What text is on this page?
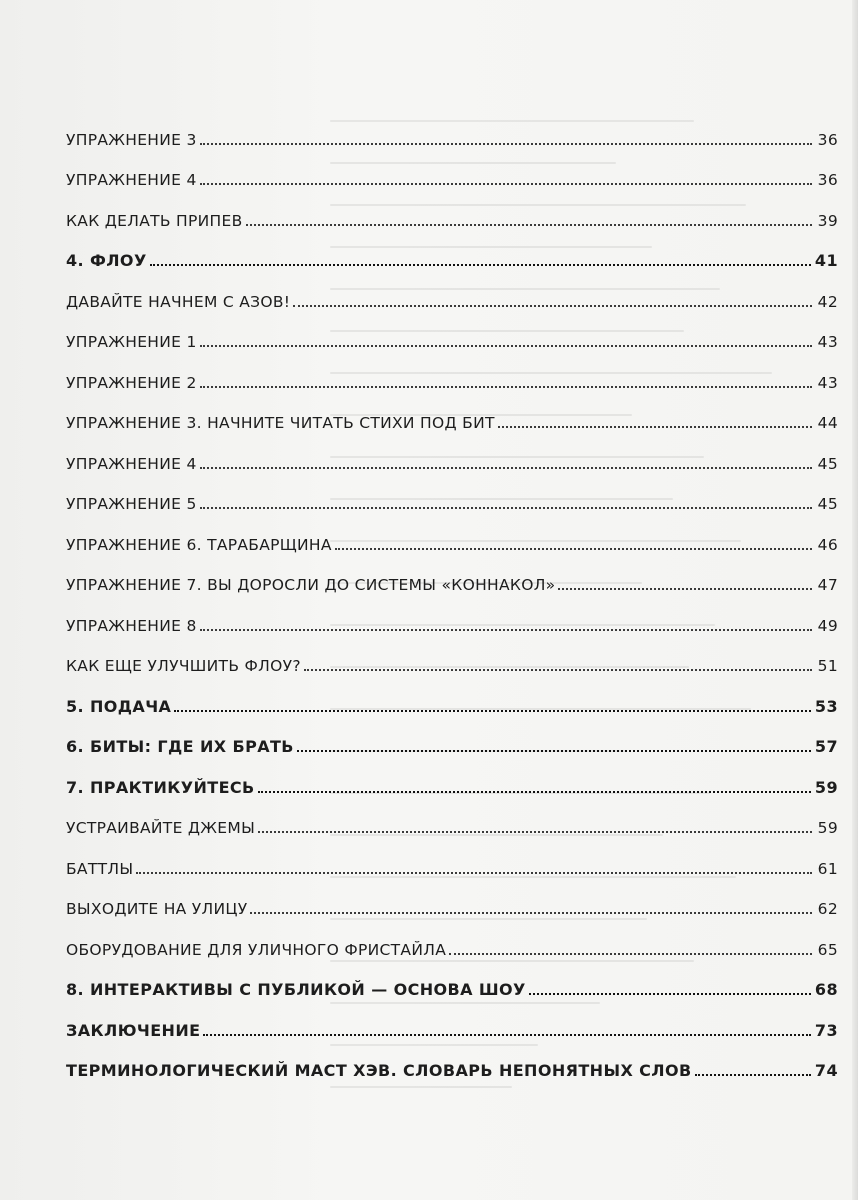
УПРАЖНЕНИЕ 3	36
УПРАЖНЕНИЕ 4	36
КАК ДЕЛАТЬ ПРИПЕВ	39
4. ФЛОУ	41
ДАВАЙТЕ НАЧНЕМ С АЗОВ!	42
УПРАЖНЕНИЕ 1	43
УПРАЖНЕНИЕ 2	43
УПРАЖНЕНИЕ 3. НАЧНИТЕ ЧИТАТЬ СТИХИ ПОД БИТ	44
УПРАЖНЕНИЕ 4	45
УПРАЖНЕНИЕ 5	45
УПРАЖНЕНИЕ 6. ТАРАБАРЩИНА	46
УПРАЖНЕНИЕ 7. ВЫ ДОРОСЛИ ДО СИСТЕМЫ «КОННАКОЛ»	47
УПРАЖНЕНИЕ 8	49
КАК ЕЩЕ УЛУЧШИТЬ ФЛОУ?	51
5. ПОДАЧА	53
6. БИТЫ: ГДЕ ИХ БРАТЬ	57
7. ПРАКТИКУЙТЕСЬ	59
УСТРАИВАЙТЕ ДЖЕМЫ	59
БАТТЛЫ	61
ВЫХОДИТЕ НА УЛИЦУ	62
ОБОРУДОВАНИЕ ДЛЯ УЛИЧНОГО ФРИСТАЙЛА	65
8. ИНТЕРАКТИВЫ С ПУБЛИКОЙ — ОСНОВА ШОУ	68
ЗАКЛЮЧЕНИЕ	73
ТЕРМИНОЛОГИЧЕСКИЙ МАСТ ХЭВ. СЛОВАРЬ НЕПОНЯТНЫХ СЛОВ	74
